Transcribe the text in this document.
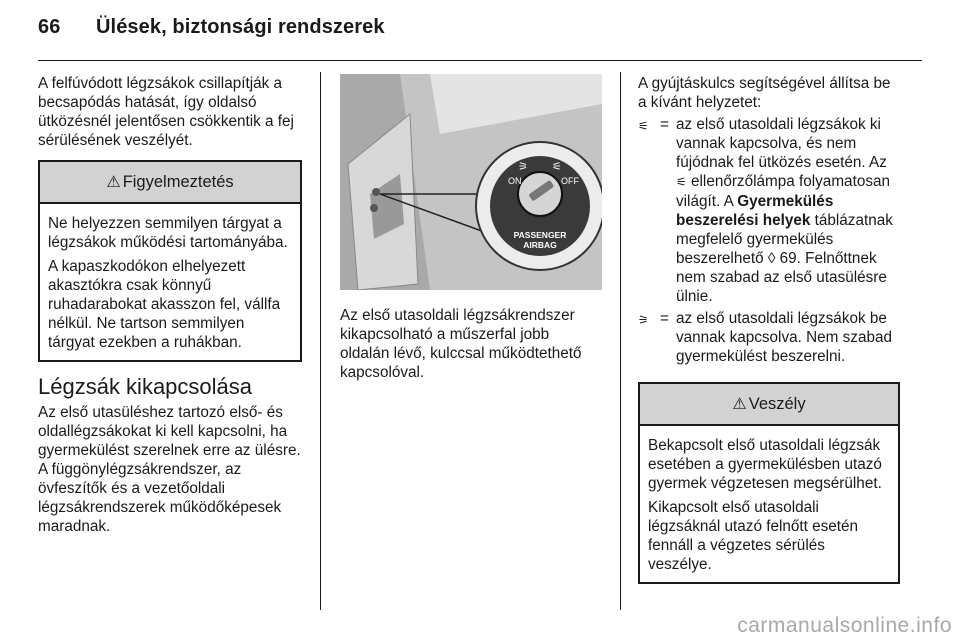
66 Ülések, biztonsági rendszerek

A felfúvódott légzsákok csillapítják a becsapódás hatását, így oldalsó ütközésnél jelentősen csökkentik a fej sérülésének veszélyét.

⚠ Figyelmeztetés

Ne helyezzen semmilyen tárgyat a légzsákok működési tartományába.

A kapaszkodókon elhelyezett akasztókra csak könnyű ruhadarabokat akasszon fel, vállfa nélkül. Ne tartson semmilyen tárgyat ezekben a ruhákban.

Légzsák kikapcsolása

Az első utasüléshez tartozó első- és oldallégzsákokat ki kell kapcsolni, ha gyermekülést szerelnek erre az ülésre. A függönylégzsákrendszer, az övfeszítők és a vezetőoldali légzsákrendszerek működőképesek maradnak.

ON	OFF
⚞ ⚟
PASSENGER
AIRBAG

Az első utasoldali légzsákrendszer kikapcsolható a műszerfal jobb oldalán lévő, kulccsal működtethető kapcsolóval.

A gyújtáskulcs segítségével állítsa be a kívánt helyzetet:

⚟ = az első utasoldali légzsákok ki vannak kapcsolva, és nem fújódnak fel ütközés esetén. Az ⚟ ellenőrzőlámpa folyamatosan világít. A Gyermekülés beszerelési helyek táblázatnak megfelelő gyermekülés beszerelhető ◊ 69. Felnőttnek nem szabad az első utasülésre ülnie.
⚞ = az első utasoldali légzsákok be vannak kapcsolva. Nem szabad gyermekülést beszerelni.
⚠ Veszély

Bekapcsolt első utasoldali légzsák esetében a gyermekülésben utazó gyermek végzetesen megsérülhet.

Kikapcsolt első utasoldali légzsáknál utazó felnőtt esetén fennáll a végzetes sérülés veszélye.

carmanualsonline.info
